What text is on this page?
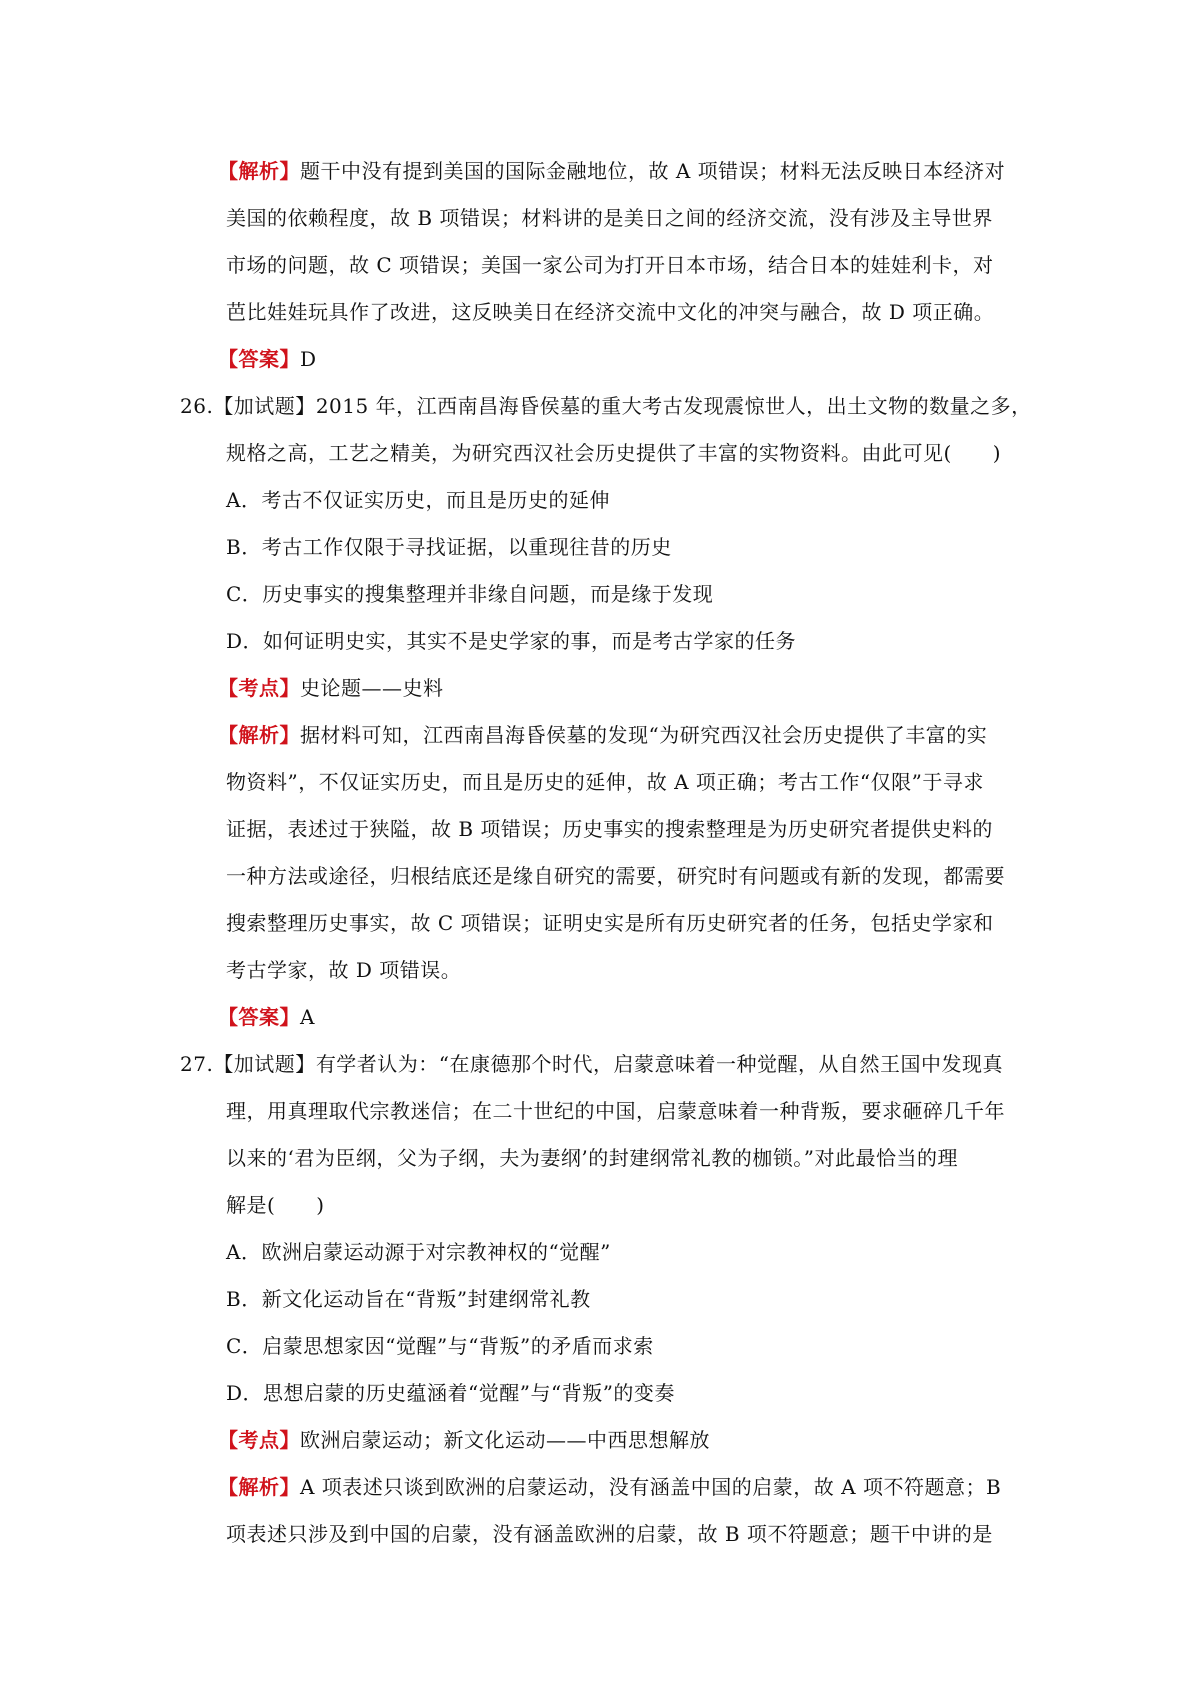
【解析】题干中没有提到美国的国际金融地位，故 A 项错误；材料无法反映日本经济对
美国的依赖程度，故 B 项错误；材料讲的是美日之间的经济交流，没有涉及主导世界
市场的问题，故 C 项错误；美国一家公司为打开日本市场，结合日本的娃娃利卡，对
芭比娃娃玩具作了改进，这反映美日在经济交流中文化的冲突与融合，故 D 项正确。
【答案】D
26.【加试题】2015 年，江西南昌海昏侯墓的重大考古发现震惊世人，出土文物的数量之多，
规格之高，工艺之精美，为研究西汉社会历史提供了丰富的实物资料。由此可见(　　)
A．考古不仅证实历史，而且是历史的延伸
B．考古工作仅限于寻找证据，以重现往昔的历史
C．历史事实的搜集整理并非缘自问题，而是缘于发现
D．如何证明史实，其实不是史学家的事，而是考古学家的任务
【考点】史论题——史料
【解析】据材料可知，江西南昌海昏侯墓的发现“为研究西汉社会历史提供了丰富的实
物资料”，不仅证实历史，而且是历史的延伸，故 A 项正确；考古工作“仅限”于寻求
证据，表述过于狭隘，故 B 项错误；历史事实的搜索整理是为历史研究者提供史料的
一种方法或途径，归根结底还是缘自研究的需要，研究时有问题或有新的发现，都需要
搜索整理历史事实，故 C 项错误；证明史实是所有历史研究者的任务，包括史学家和
考古学家，故 D 项错误。
【答案】A
27.【加试题】有学者认为：“在康德那个时代，启蒙意味着一种觉醒，从自然王国中发现真
理，用真理取代宗教迷信；在二十世纪的中国，启蒙意味着一种背叛，要求砸碎几千年
以来的‘君为臣纲，父为子纲，夫为妻纲’的封建纲常礼教的枷锁。”对此最恰当的理
解是(　　)
A．欧洲启蒙运动源于对宗教神权的“觉醒”
B．新文化运动旨在“背叛”封建纲常礼教
C．启蒙思想家因“觉醒”与“背叛”的矛盾而求索
D．思想启蒙的历史蕴涵着“觉醒”与“背叛”的变奏
【考点】欧洲启蒙运动；新文化运动——中西思想解放
【解析】A 项表述只谈到欧洲的启蒙运动，没有涵盖中国的启蒙，故 A 项不符题意；B
项表述只涉及到中国的启蒙，没有涵盖欧洲的启蒙，故 B 项不符题意；题干中讲的是
